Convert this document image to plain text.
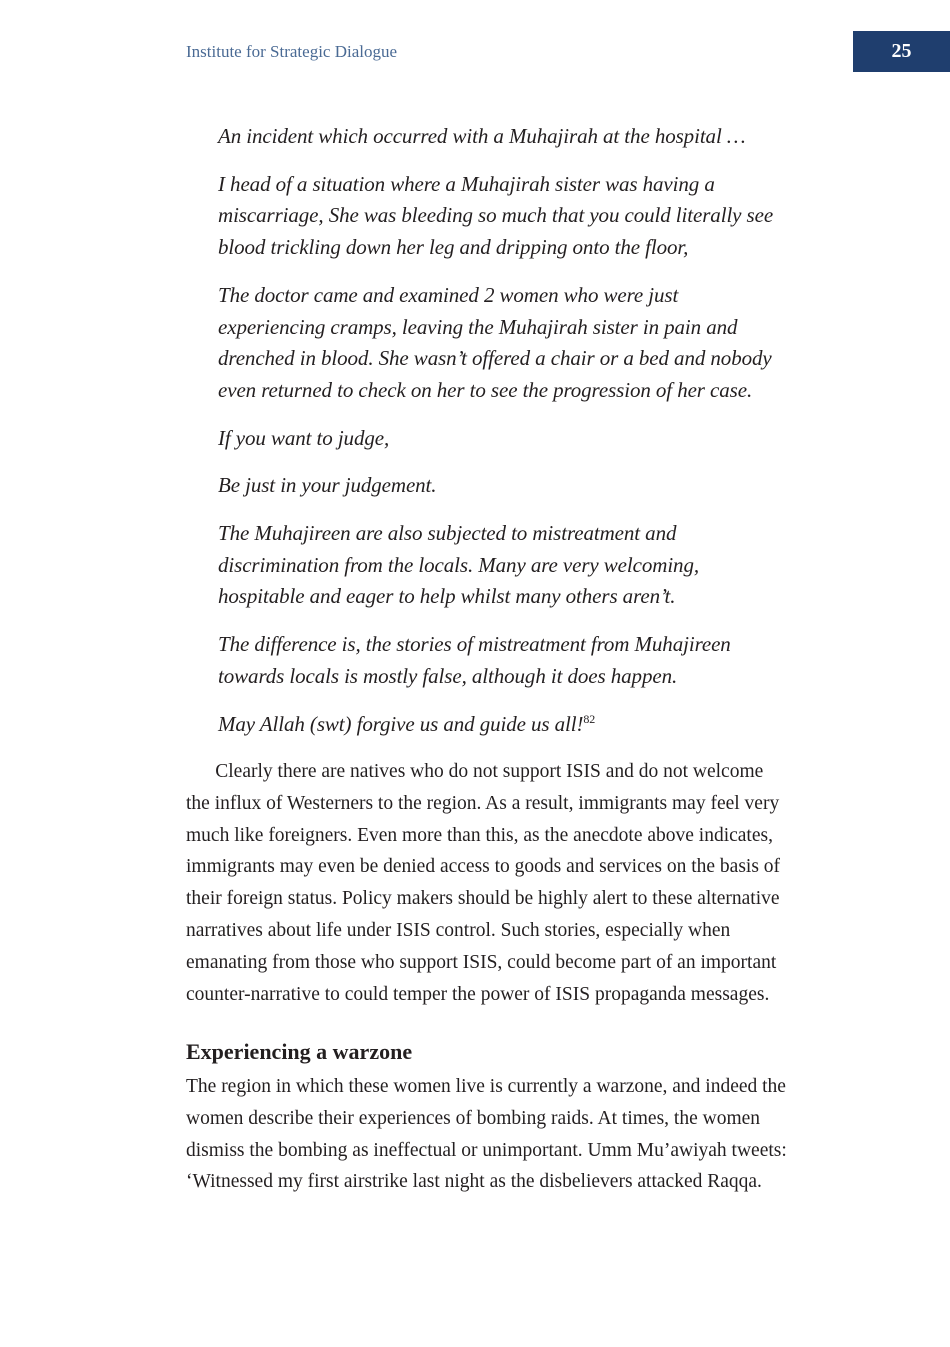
Institute for Strategic Dialogue	25

An incident which occurred with a Muhajirah at the hospital …

I head of a situation where a Muhajirah sister was having a
miscarriage, She was bleeding so much that you could literally see
blood trickling down her leg and dripping onto the floor,

The doctor came and examined 2 women who were just
experiencing cramps, leaving the Muhajirah sister in pain and
drenched in blood. She wasn’t offered a chair or a bed and nobody
even returned to check on her to see the progression of her case.

If you want to judge,

Be just in your judgement.

The Muhajireen are also subjected to mistreatment and
discrimination from the locals. Many are very welcoming,
hospitable and eager to help whilst many others aren’t.

The difference is, the stories of mistreatment from Muhajireen
towards locals is mostly false, although it does happen.

May Allah (swt) forgive us and guide us all!$^{82}$

  Clearly there are natives who do not support ISIS and do not welcome
the influx of Westerners to the region. As a result, immigrants may feel very
much like foreigners. Even more than this, as the anecdote above indicates,
immigrants may even be denied access to goods and services on the basis of
their foreign status. Policy makers should be highly alert to these alternative
narratives about life under ISIS control. Such stories, especially when
emanating from those who support ISIS, could become part of an important
counter-narrative to could temper the power of ISIS propaganda messages.

Experiencing a warzone

The region in which these women live is currently a warzone, and indeed the
women describe their experiences of bombing raids. At times, the women
dismiss the bombing as ineffectual or unimportant. Umm Mu’awiyah tweets:
‘Witnessed my first airstrike last night as the disbelievers attacked Raqqa.
